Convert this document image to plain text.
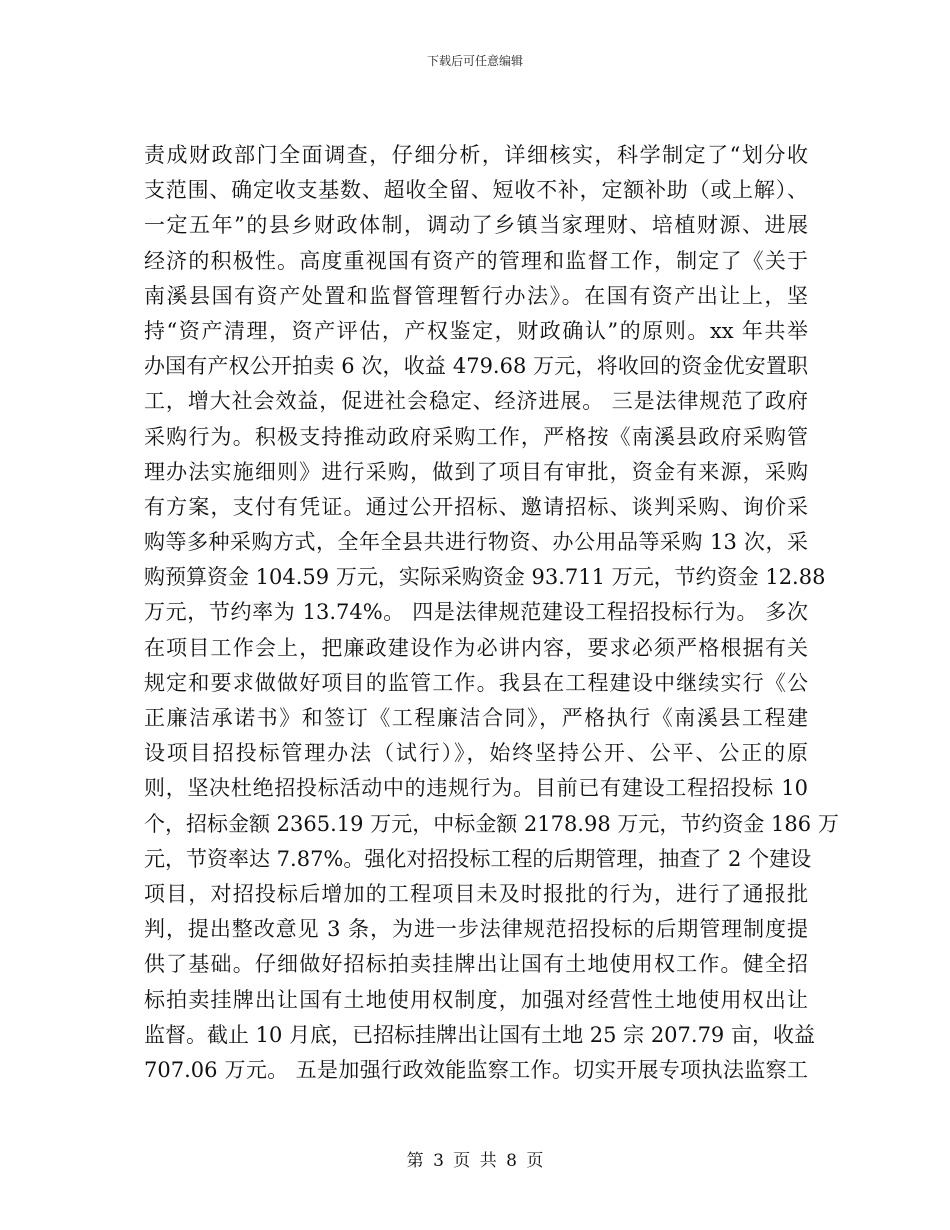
下载后可任意编辑
责成财政部门全面调查，仔细分析，详细核实，科学制定了“划分收
支范围、确定收支基数、超收全留、短收不补，定额补助（或上解）、
一定五年”的县乡财政体制，调动了乡镇当家理财、培植财源、进展
经济的积极性。高度重视国有资产的管理和监督工作，制定了《关于
南溪县国有资产处置和监督管理暂行办法》。在国有资产出让上，坚
持“资产清理，资产评估，产权鉴定，财政确认”的原则。xx 年共举
办国有产权公开拍卖 6 次，收益 479.68 万元，将收回的资金优安置职
工，增大社会效益，促进社会稳定、经济进展。 三是法律规范了政府
采购行为。积极支持推动政府采购工作，严格按《南溪县政府采购管
理办法实施细则》进行采购，做到了项目有审批，资金有来源，采购
有方案，支付有凭证。通过公开招标、邀请招标、谈判采购、询价采
购等多种采购方式，全年全县共进行物资、办公用品等采购 13 次，采
购预算资金 104.59 万元，实际采购资金 93.711 万元，节约资金 12.88
万元，节约率为 13.74%。 四是法律规范建设工程招投标行为。 多次
在项目工作会上，把廉政建设作为必讲内容，要求必须严格根据有关
规定和要求做做好项目的监管工作。我县在工程建设中继续实行《公
正廉洁承诺书》和签订《工程廉洁合同》，严格执行《南溪县工程建
设项目招投标管理办法（试行）》，始终坚持公开、公平、公正的原
则，坚决杜绝招投标活动中的违规行为。目前已有建设工程招投标 10
个，招标金额 2365.19 万元，中标金额 2178.98 万元，节约资金 186 万
元，节资率达 7.87%。强化对招投标工程的后期管理，抽查了 2 个建设
项目，对招投标后增加的工程项目未及时报批的行为，进行了通报批
判，提出整改意见 3 条，为进一步法律规范招投标的后期管理制度提
供了基础。仔细做好招标拍卖挂牌出让国有土地使用权工作。健全招
标拍卖挂牌出让国有土地使用权制度，加强对经营性土地使用权出让
监督。截止 10 月底，已招标挂牌出让国有土地 25 宗 207.79 亩，收益
707.06 万元。 五是加强行政效能监察工作。切实开展专项执法监察工
第 3 页 共 8 页
